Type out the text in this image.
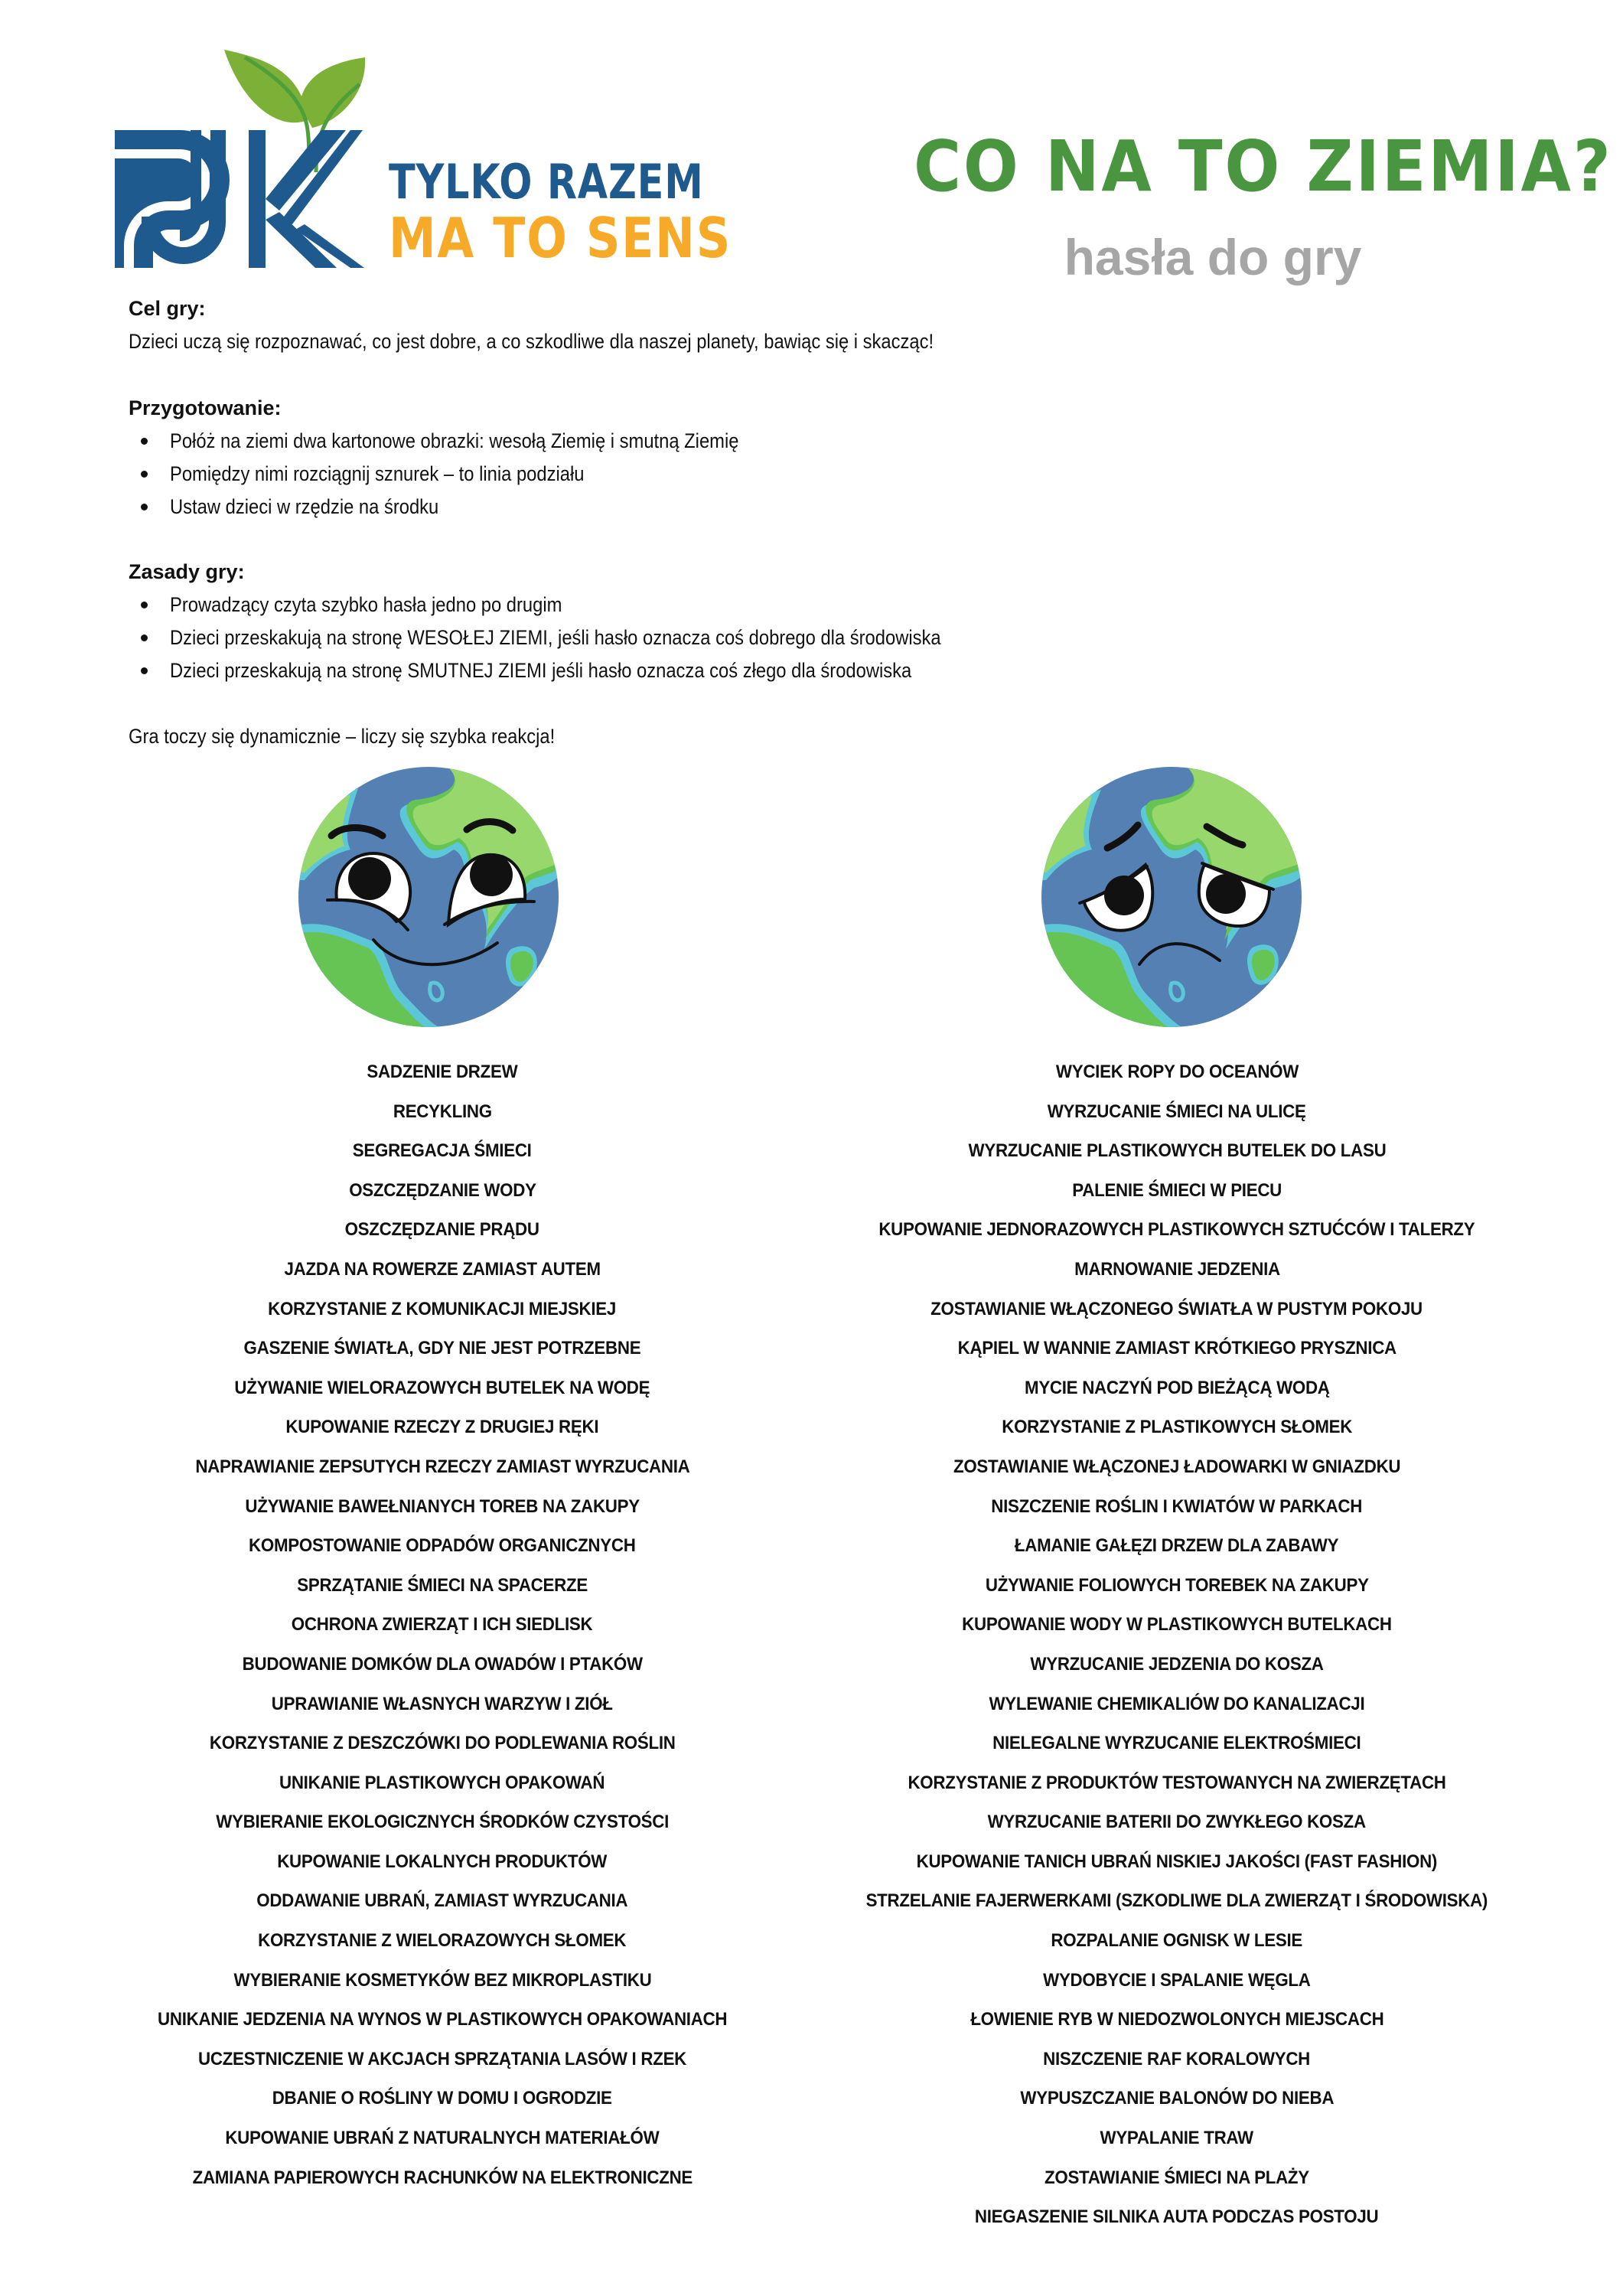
TYLKO RAZEM
MA TO SENS
CO NA TO ZIEMIA?
hasła do gry
Cel gry:
Dzieci uczą się rozpoznawać, co jest dobre, a co szkodliwe dla naszej planety, bawiąc się i skacząc!
Przygotowanie:
Połóż na ziemi dwa kartonowe obrazki: wesołą Ziemię i smutną Ziemię
Pomiędzy nimi rozciągnij sznurek – to linia podziału
Ustaw dzieci w rzędzie na środku
Zasady gry:
Prowadzący czyta szybko hasła jedno po drugim
Dzieci przeskakują na stronę WESOŁEJ ZIEMI, jeśli hasło oznacza coś dobrego dla środowiska
Dzieci przeskakują na stronę SMUTNEJ ZIEMI jeśli hasło oznacza coś złego dla środowiska
Gra toczy się dynamicznie – liczy się szybka reakcja!
SADZENIE DRZEW
RECYKLING
SEGREGACJA ŚMIECI
OSZCZĘDZANIE WODY
OSZCZĘDZANIE PRĄDU
JAZDA NA ROWERZE ZAMIAST AUTEM
KORZYSTANIE Z KOMUNIKACJI MIEJSKIEJ
GASZENIE ŚWIATŁA, GDY NIE JEST POTRZEBNE
UŻYWANIE WIELORAZOWYCH BUTELEK NA WODĘ
KUPOWANIE RZECZY Z DRUGIEJ RĘKI
NAPRAWIANIE ZEPSUTYCH RZECZY ZAMIAST WYRZUCANIA
UŻYWANIE BAWEŁNIANYCH TOREB NA ZAKUPY
KOMPOSTOWANIE ODPADÓW ORGANICZNYCH
SPRZĄTANIE ŚMIECI NA SPACERZE
OCHRONA ZWIERZĄT I ICH SIEDLISK
BUDOWANIE DOMKÓW DLA OWADÓW I PTAKÓW
UPRAWIANIE WŁASNYCH WARZYW I ZIÓŁ
KORZYSTANIE Z DESZCZÓWKI DO PODLEWANIA ROŚLIN
UNIKANIE PLASTIKOWYCH OPAKOWAŃ
WYBIERANIE EKOLOGICZNYCH ŚRODKÓW CZYSTOŚCI
KUPOWANIE LOKALNYCH PRODUKTÓW
ODDAWANIE UBRAŃ, ZAMIAST WYRZUCANIA
KORZYSTANIE Z WIELORAZOWYCH SŁOMEK
WYBIERANIE KOSMETYKÓW BEZ MIKROPLASTIKU
UNIKANIE JEDZENIA NA WYNOS W PLASTIKOWYCH OPAKOWANIACH
UCZESTNICZENIE W AKCJACH SPRZĄTANIA LASÓW I RZEK
DBANIE O ROŚLINY W DOMU I OGRODZIE
KUPOWANIE UBRAŃ Z NATURALNYCH MATERIAŁÓW
ZAMIANA PAPIEROWYCH RACHUNKÓW NA ELEKTRONICZNE
WYCIEK ROPY DO OCEANÓW
WYRZUCANIE ŚMIECI NA ULICĘ
WYRZUCANIE PLASTIKOWYCH BUTELEK DO LASU
PALENIE ŚMIECI W PIECU
KUPOWANIE JEDNORAZOWYCH PLASTIKOWYCH SZTUĆCÓW I TALERZY
MARNOWANIE JEDZENIA
ZOSTAWIANIE WŁĄCZONEGO ŚWIATŁA W PUSTYM POKOJU
KĄPIEL W WANNIE ZAMIAST KRÓTKIEGO PRYSZNICA
MYCIE NACZYŃ POD BIEŻĄCĄ WODĄ
KORZYSTANIE Z PLASTIKOWYCH SŁOMEK
ZOSTAWIANIE WŁĄCZONEJ ŁADOWARKI W GNIAZDKU
NISZCZENIE ROŚLIN I KWIATÓW W PARKACH
ŁAMANIE GAŁĘZI DRZEW DLA ZABAWY
UŻYWANIE FOLIOWYCH TOREBEK NA ZAKUPY
KUPOWANIE WODY W PLASTIKOWYCH BUTELKACH
WYRZUCANIE JEDZENIA DO KOSZA
WYLEWANIE CHEMIKALIÓW DO KANALIZACJI
NIELEGALNE WYRZUCANIE ELEKTROŚMIECI
KORZYSTANIE Z PRODUKTÓW TESTOWANYCH NA ZWIERZĘTACH
WYRZUCANIE BATERII DO ZWYKŁEGO KOSZA
KUPOWANIE TANICH UBRAŃ NISKIEJ JAKOŚCI (FAST FASHION)
STRZELANIE FAJERWERKAMI (SZKODLIWE DLA ZWIERZĄT I ŚRODOWISKA)
ROZPALANIE OGNISK W LESIE
WYDOBYCIE I SPALANIE WĘGLA
ŁOWIENIE RYB W NIEDOZWOLONYCH MIEJSCACH
NISZCZENIE RAF KORALOWYCH
WYPUSZCZANIE BALONÓW DO NIEBA
WYPALANIE TRAW
ZOSTAWIANIE ŚMIECI NA PLAŻY
NIEGASZENIE SILNIKA AUTA PODCZAS POSTOJU
